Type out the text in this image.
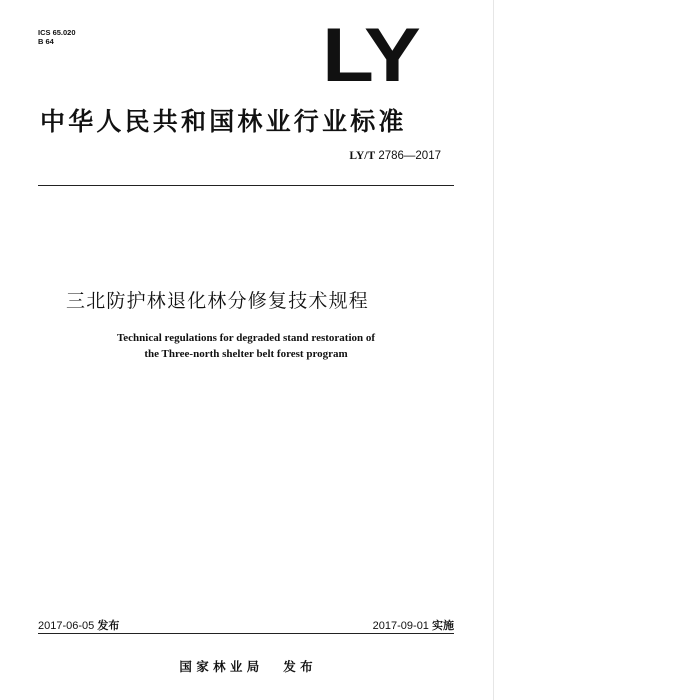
ICS 65.020
B 64	LY
中华人民共和国林业行业标准
LY/T 2786—2017
三北防护林退化林分修复技术规程
Technical regulations for degraded stand restoration of
the Three-north shelter belt forest program
2017-06-05 发布	2017-09-01 实施
国 家 林 业 局 发 布
